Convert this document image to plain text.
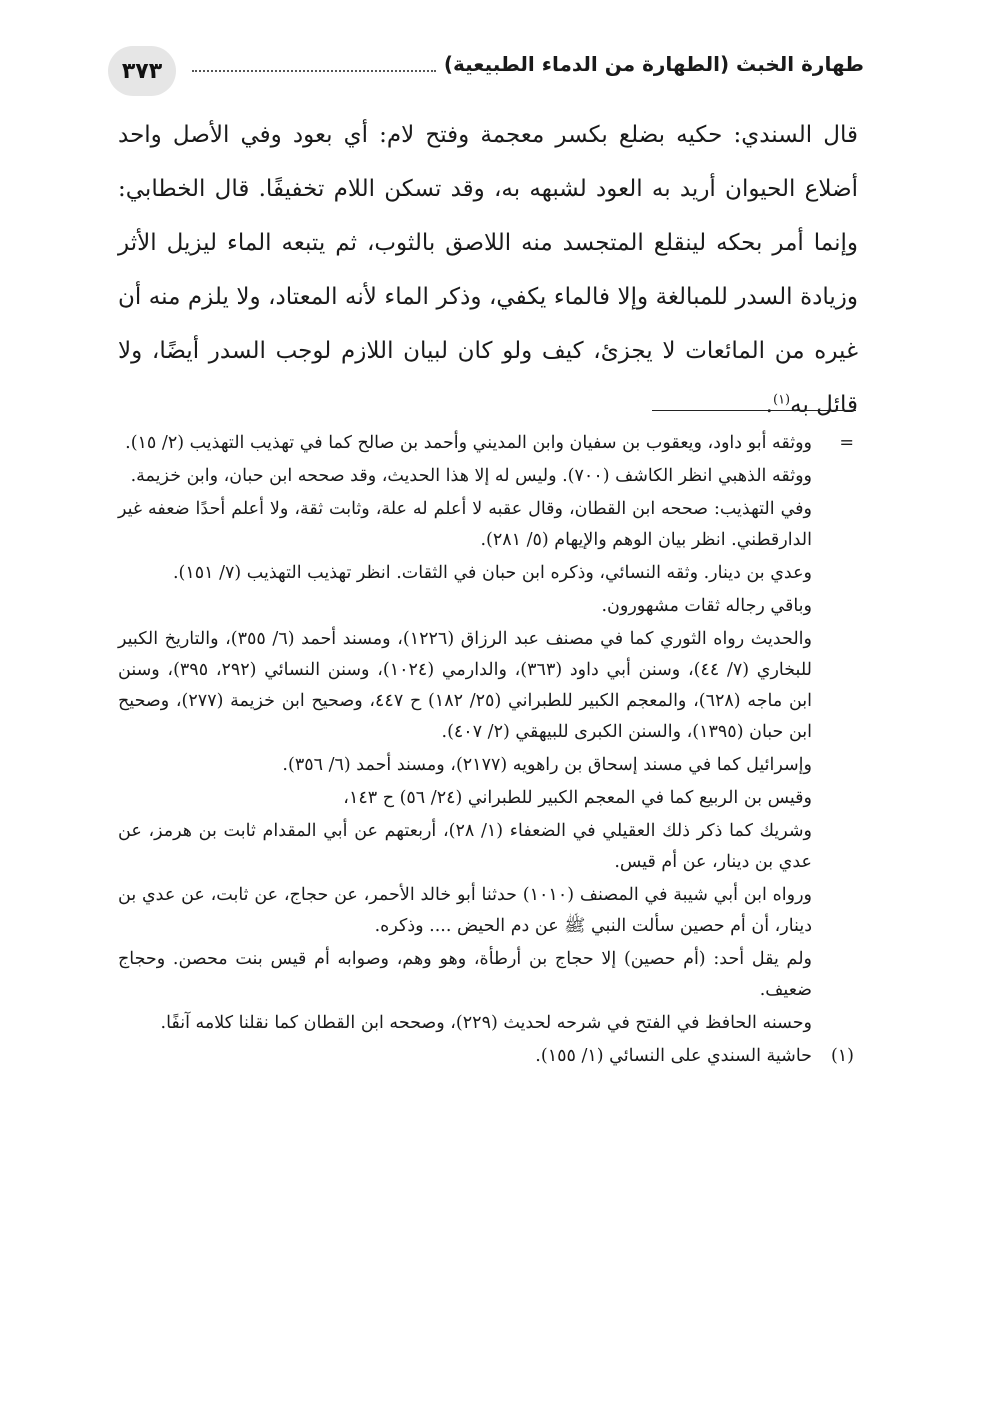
٣٧٣	طهارة الخبث (الطهارة من الدماء الطبيعية)
قال السندي: حكيه بضلع بكسر معجمة وفتح لام: أي بعود وفي الأصل واحد أضلاع الحيوان أريد به العود لشبهه به، وقد تسكن اللام تخفيفًا. قال الخطابي: وإنما أمر بحكه لينقلع المتجسد منه اللاصق بالثوب، ثم يتبعه الماء ليزيل الأثر وزيادة السدر للمبالغة وإلا فالماء يكفي، وذكر الماء لأنه المعتاد، ولا يلزم منه أن غيره من المائعات لا يجزئ، كيف ولو كان لبيان اللازم لوجب السدر أيضًا، ولا قائل به$^{(١)}$.
=

ووثقه أبو داود، ويعقوب بن سفيان وابن المديني وأحمد بن صالح كما في تهذيب التهذيب (٢/ ١٥).

ووثقه الذهبي انظر الكاشف (٧٠٠). وليس له إلا هذا الحديث، وقد صححه ابن حبان، وابن خزيمة.

وفي التهذيب: صححه ابن القطان، وقال عقبه لا أعلم له علة، وثابت ثقة، ولا أعلم أحدًا ضعفه غير الدارقطني. انظر بيان الوهم والإيهام (٥/ ٢٨١).

وعدي بن دينار. وثقه النسائي، وذكره ابن حبان في الثقات. انظر تهذيب التهذيب (٧/ ١٥١).

وباقي رجاله ثقات مشهورون.

والحديث رواه الثوري كما في مصنف عبد الرزاق (١٢٢٦)، ومسند أحمد (٦/ ٣٥٥)، والتاريخ الكبير للبخاري (٧/ ٤٤)، وسنن أبي داود (٣٦٣)، والدارمي (١٠٢٤)، وسنن النسائي (٢٩٢، ٣٩٥)، وسنن ابن ماجه (٦٢٨)، والمعجم الكبير للطبراني (٢٥/ ١٨٢) ح ٤٤٧، وصحيح ابن خزيمة (٢٧٧)، وصحيح ابن حبان (١٣٩٥)، والسنن الكبرى للبيهقي (٢/ ٤٠٧).

وإسرائيل كما في مسند إسحاق بن راهويه (٢١٧٧)، ومسند أحمد (٦/ ٣٥٦).

وقيس بن الربيع كما في المعجم الكبير للطبراني (٢٤/ ٥٦) ح ١٤٣،

وشريك كما ذكر ذلك العقيلي في الضعفاء (١/ ٢٨)، أربعتهم عن أبي المقدام ثابت بن هرمز، عن عدي بن دينار، عن أم قيس.

ورواه ابن أبي شيبة في المصنف (١٠١٠) حدثنا أبو خالد الأحمر، عن حجاج، عن ثابت، عن عدي بن دينار، أن أم حصين سألت النبي ﷺ عن دم الحيض .... وذكره.

ولم يقل أحد: (أم حصين) إلا حجاج بن أرطأة، وهو وهم، وصوابه أم قيس بنت محصن. وحجاج ضعيف.

وحسنه الحافظ في الفتح في شرحه لحديث (٢٢٩)، وصححه ابن القطان كما نقلنا كلامه آنفًا.

(١)

حاشية السندي على النسائي (١/ ١٥٥).
